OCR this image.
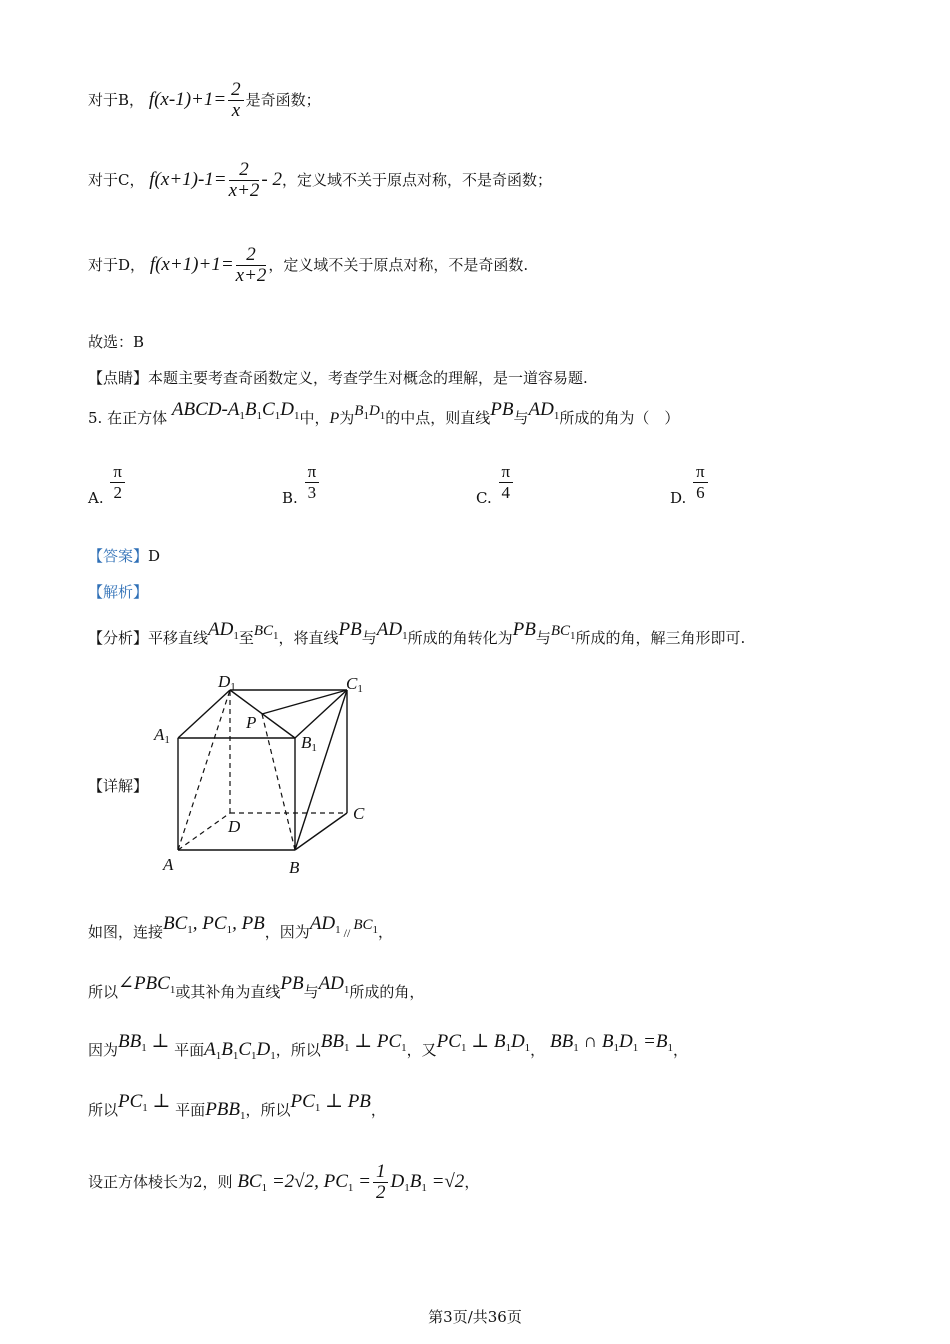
对于B， $f(x-1)+1= \frac{2}{x}$ 是奇函数；
对于C， $f(x+1)-1= \frac{2}{x+2} - 2$，定义域不关于原点对称，不是奇函数；
对于D， $f(x+1)+1= \frac{2}{x+2}$ ，定义域不关于原点对称，不是奇函数.
故选：B
【点睛】本题主要考查奇函数定义，考查学生对概念的理解，是一道容易题.
5. 在正方体 ABCD-$A_1B_1C_1D_1$中，P为$B_1D_1$的中点，则直线PB与$AD_1$所成的角为（　）
A. $\frac{\pi}{2}$	B. $\frac{\pi}{3}$	C. $\frac{\pi}{4}$	D. $\frac{\pi}{6}$
【答案】D
【解析】
【分析】平移直线$AD_1$至$BC_1$，将直线PB与$AD_1$所成的角转化为PB与$BC_1$所成的角，解三角形即可.
【详解】
D1	C1
A1	B1
P
D
C
A	B
如图，连接$BC_1$, $PC_1$, PB，因为$AD_1 // BC_1$，
所以$\angle PBC_1$或其补角为直线PB与$AD_1$所成的角，
因为$BB_1$ ⊥ 平面$A_1B_1C_1D_1$，所以$BB_1$ ⊥ $PC_1$，又$PC_1$ ⊥ $B_1D_1$， $BB_1$ ∩ $B_1D_1 =B_1$，
所以$PC_1$ ⊥ 平面$PBB_1$，所以$PC_1$ ⊥ PB，
设正方体棱长为2，则 $BC_1 =2√2$, $PC_1 = \frac{1}{2} D_1B_1 =√2$，
第3页/共36页
